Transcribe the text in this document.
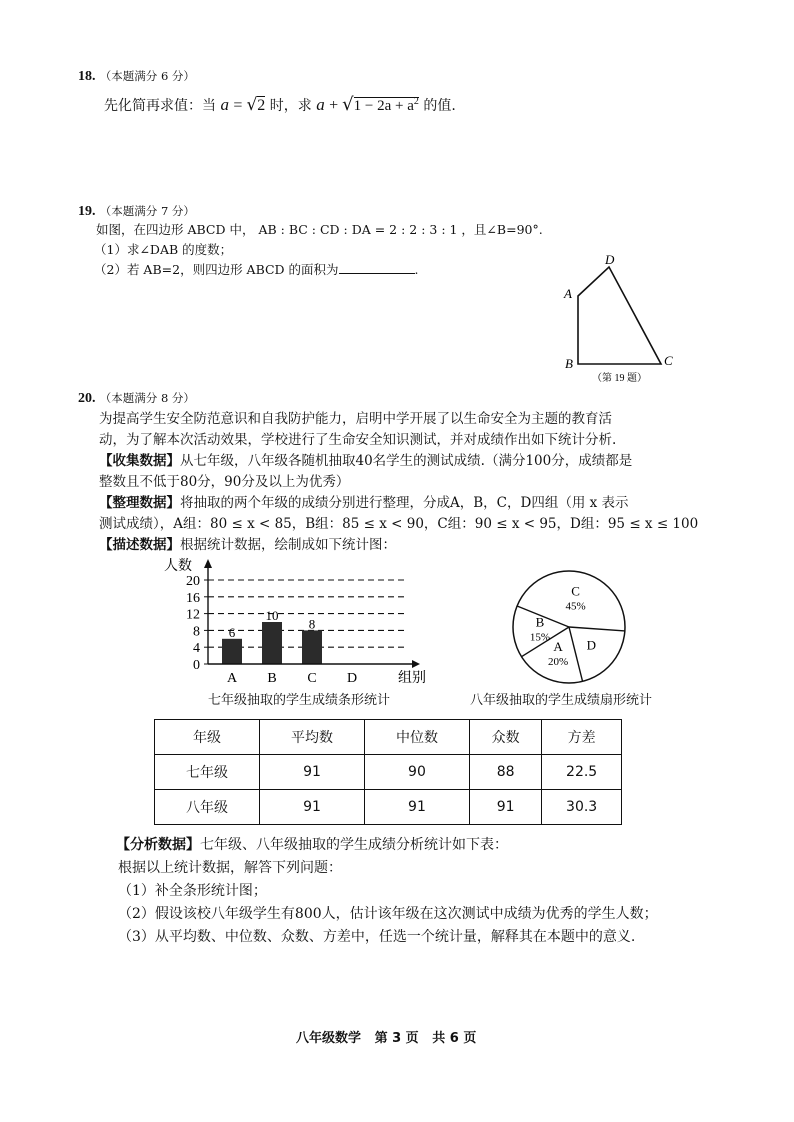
18. （本题满分 6 分）
先化简再求值：当 a = √2 时，求 $a + √1 - 2a + a^2$ 的值.
19. （本题满分 7 分）
如图，在四边形 ABCD 中， AB : BC : CD : DA = 2 : 2 : 3 : 1 ，且∠B=90°.
（1）求∠DAB 的度数；
（2）若 AB=2，则四边形 ABCD 的面积为	.
D
A
B	C
（第 19 题）
20. （本题满分 8 分）
为提高学生安全防范意识和自我防护能力，启明中学开展了以生命安全为主题的教育活
动，为了解本次活动效果，学校进行了生命安全知识测试，并对成绩作出如下统计分析.
【收集数据】从七年级，八年级各随机抽取40名学生的测试成绩.（满分100分，成绩都是
整数且不低于80分，90分及以上为优秀）
【整理数据】将抽取的两个年级的成绩分别进行整理，分成A，B，C，D四组（用 x 表示
测试成绩），A组：80 ≤ x < 85，B组：85 ≤ x < 90，C组：90 ≤ x < 95，D组：95 ≤ x ≤ 100
【描述数据】根据统计数据，绘制成如下统计图：
0
4
8
12
16
20
6
10
8
A B C D
人数
组别
C
45%
B
15%
A
20%
D
七年级抽取的学生成绩条形统计	八年级抽取的学生成绩扇形统计
年级	平均数	中位数	众数	方差
七年级	91	90	88	22.5
八年级	91	91	91	30.3
【分析数据】七年级、八年级抽取的学生成绩分析统计如下表：
根据以上统计数据，解答下列问题：
（1）补全条形统计图；
（2）假设该校八年级学生有800人，估计该年级在这次测试中成绩为优秀的学生人数；
（3）从平均数、中位数、众数、方差中，任选一个统计量，解释其在本题中的意义.
八年级数学   第 3 页   共 6 页
